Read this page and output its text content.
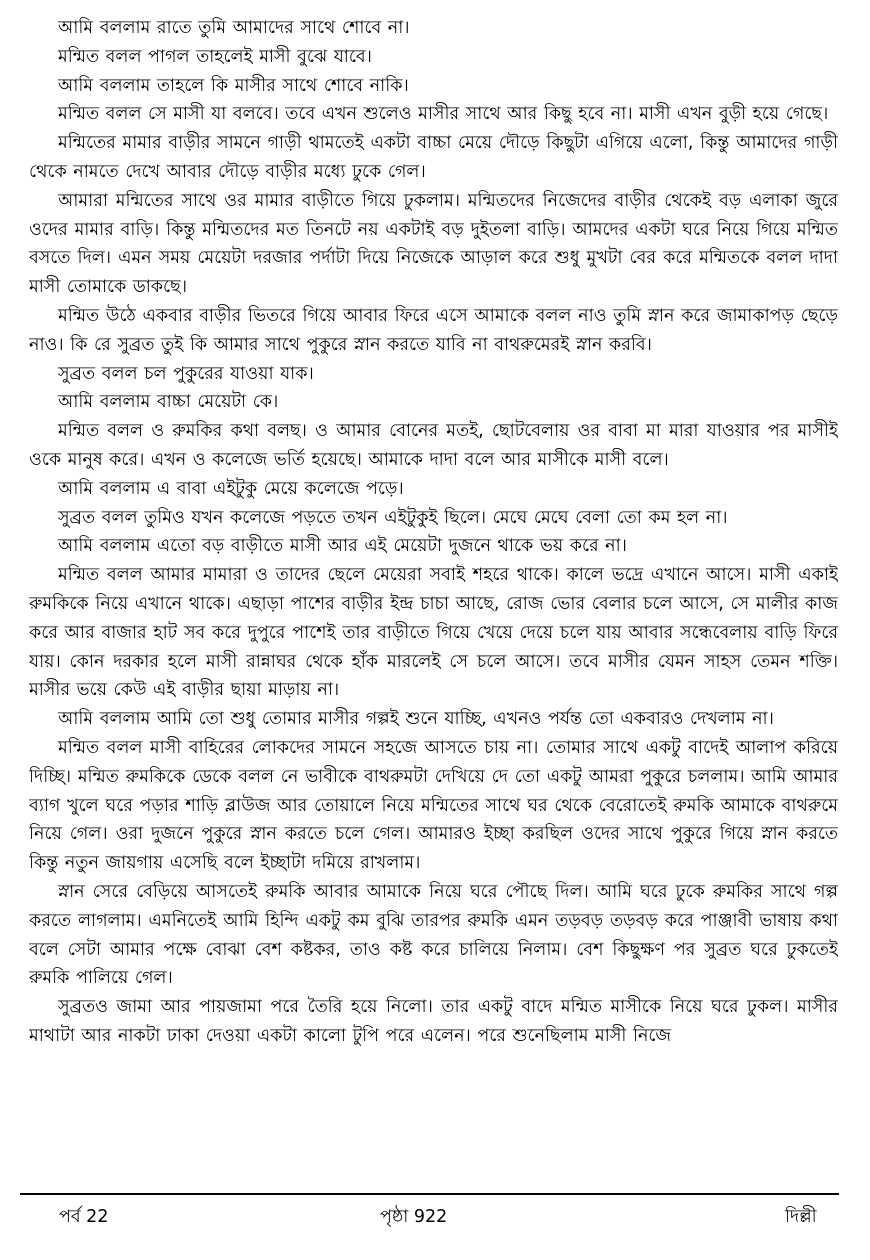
আমি বললাম রাতে তুমি আমাদের সাথে শোবে না।

মন্মিত বলল পাগল তাহলেই মাসী বুঝে যাবে।

আমি বললাম তাহলে কি মাসীর সাথে শোবে নাকি।

মন্মিত বলল সে মাসী যা বলবে। তবে এখন শুলেও মাসীর সাথে আর কিছু হবে না। মাসী এখন বুড়ী হয়ে গেছে।

মন্মিতের মামার বাড়ীর সামনে গাড়ী থামতেই একটা বাচ্চা মেয়ে দৌড়ে কিছুটা এগিয়ে এলো, কিন্তু আমাদের গাড়ী থেকে নামতে দেখে আবার দৌড়ে বাড়ীর মধ্যে ঢুকে গেল।

আমারা মন্মিতের সাথে ওর মামার বাড়ীতে গিয়ে ঢুকলাম। মন্মিতদের নিজেদের বাড়ীর থেকেই বড় এলাকা জুরে ওদের মামার বাড়ি। কিন্তু মন্মিতদের মত তিনটে নয় একটাই বড় দুইতলা বাড়ি। আমদের একটা ঘরে নিয়ে গিয়ে মন্মিত বসতে দিল। এমন সময় মেয়েটা দরজার পর্দাটা দিয়ে নিজেকে আড়াল করে শুধু মুখটা বের করে মন্মিতকে বলল দাদা মাসী তোমাকে ডাকছে।

মন্মিত উঠে একবার বাড়ীর ভিতরে গিয়ে আবার ফিরে এসে আমাকে বলল নাও তুমি স্নান করে জামাকাপড় ছেড়ে নাও। কি রে সুব্রত তুই কি আমার সাথে পুকুরে স্নান করতে যাবি না বাথরুমেরই স্নান করবি।

সুব্রত বলল চল পুকুরের যাওয়া যাক।

আমি বললাম বাচ্চা মেয়েটা কে।

মন্মিত বলল ও রুমকির কথা বলছ। ও আমার বোনের মতই, ছোটবেলায় ওর বাবা মা মারা যাওয়ার পর মাসীই ওকে মানুষ করে। এখন ও কলেজে ভর্তি হয়েছে। আমাকে দাদা বলে আর মাসীকে মাসী বলে।

আমি বললাম এ বাবা এইটুকু মেয়ে কলেজে পড়ে।

সুব্রত বলল তুমিও যখন কলেজে পড়তে তখন এইটুকুই ছিলে। মেঘে মেঘে বেলা তো কম হল না।

আমি বললাম এতো বড় বাড়ীতে মাসী আর এই মেয়েটা দুজনে থাকে ভয় করে না।

মন্মিত বলল আমার মামারা ও তাদের ছেলে মেয়েরা সবাই শহরে থাকে। কালে ভদ্রে এখানে আসে। মাসী একাই রুমকিকে নিয়ে এখানে থাকে। এছাড়া পাশের বাড়ীর ইন্দ্র চাচা আছে, রোজ ভোর বেলার চলে আসে, সে মালীর কাজ করে আর বাজার হাট সব করে দুপুরে পাশেই তার বাড়ীতে গিয়ে খেয়ে দেয়ে চলে যায় আবার সন্ধেবেলায় বাড়ি ফিরে যায়। কোন দরকার হলে মাসী রান্নাঘর থেকে হাঁক মারলেই সে চলে আসে। তবে মাসীর যেমন সাহস তেমন শক্তি। মাসীর ভয়ে কেউ এই বাড়ীর ছায়া মাড়ায় না।

আমি বললাম আমি তো শুধু তোমার মাসীর গল্পই শুনে যাচ্ছি, এখনও পর্যন্ত তো একবারও দেখলাম না।

মন্মিত বলল মাসী বাহিরের লোকদের সামনে সহজে আসতে চায় না। তোমার সাথে একটু বাদেই আলাপ করিয়ে দিচ্ছি। মন্মিত রুমকিকে ডেকে বলল নে ভাবীকে বাথরুমটা দেখিয়ে দে তো একটু আমরা পুকুরে চললাম। আমি আমার ব্যাগ খুলে ঘরে পড়ার শাড়ি ব্লাউজ আর তোয়ালে নিয়ে মন্মিতের সাথে ঘর থেকে বেরোতেই রুমকি আমাকে বাথরুমে নিয়ে গেল। ওরা দুজনে পুকুরে স্নান করতে চলে গেল। আমারও ইচ্ছা করছিল ওদের সাথে পুকুরে গিয়ে স্নান করতে কিন্তু নতুন জায়গায় এসেছি বলে ইচ্ছাটা দমিয়ে রাখলাম।

স্নান সেরে বেড়িয়ে আসতেই রুমকি আবার আমাকে নিয়ে ঘরে পৌছে দিল। আমি ঘরে ঢুকে রুমকির সাথে গল্প করতে লাগলাম। এমনিতেই আমি হিন্দি একটু কম বুঝি তারপর রুমকি এমন তড়বড় তড়বড় করে পাঞ্জাবী ভাষায় কথা বলে সেটা আমার পক্ষে বোঝা বেশ কষ্টকর, তাও কষ্ট করে চালিয়ে নিলাম। বেশ কিছুক্ষণ পর সুব্রত ঘরে ঢুকতেই রুমকি পালিয়ে গেল।

সুব্রতও জামা আর পায়জামা পরে তৈরি হয়ে নিলো। তার একটু বাদে মন্মিত মাসীকে নিয়ে ঘরে ঢুকল। মাসীর মাথাটা আর নাকটা ঢাকা দেওয়া একটা কালো টুপি পরে এলেন। পরে শুনেছিলাম মাসী নিজে

পর্ব 22	পৃষ্ঠা 922	দিল্লী
